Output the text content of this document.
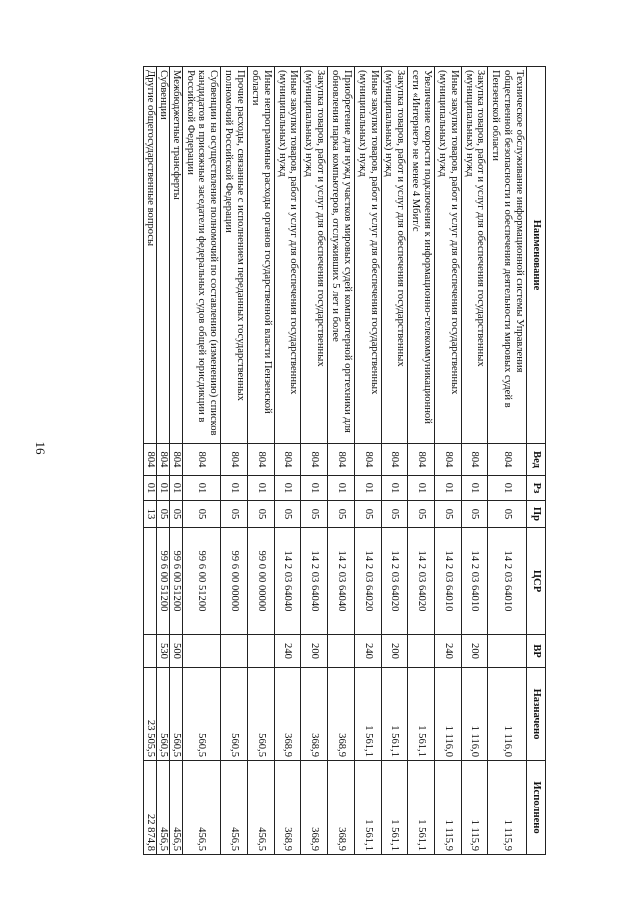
16
Наименование	Вед	Рз	Пр	ЦСР	ВР	Назначено	Исполнено
Техническое обслуживание информационной системы Управления общественной безопасности и обеспечения деятельности мировых судей в Пензенской области	804	01	05	14 2 03 64010		1 116,0	1 115,9
Закупка товаров, работ и услуг для обеспечения государственных (муниципальных) нужд	804	01	05	14 2 03 64010	200	1 116,0	1 115,9
Иные закупки товаров, работ и услуг для обеспечения государственных (муниципальных) нужд	804	01	05	14 2 03 64010	240	1 116,0	1 115,9
Увеличение скорости подключения к информационно-телекоммуникационной сети «Интернет» не менее 4 Мбит/с	804	01	05	14 2 03 64020		1 561,1	1 561,1
Закупка товаров, работ и услуг для обеспечения государственных (муниципальных) нужд	804	01	05	14 2 03 64020	200	1 561,1	1 561,1
Иные закупки товаров, работ и услуг для обеспечения государственных (муниципальных) нужд	804	01	05	14 2 03 64020	240	1 561,1	1 561,1
Приобретение для нужд участков мировых судей компьютерной оргтехники для обновления парка компьютеров, отслуживших 5 лет и более	804	01	05	14 2 03 64040		368,9	368,9
Закупка товаров, работ и услуг для обеспечения государственных (муниципальных) нужд	804	01	05	14 2 03 64040	200	368,9	368,9
Иные закупки товаров, работ и услуг для обеспечения государственных (муниципальных) нужд	804	01	05	14 2 03 64040	240	368,9	368,9
Иные непрограммные расходы органов государственной власти Пензенской области	804	01	05	99 0 00 00000		560,5	456,5
Прочие расходы, связанные с исполнением переданных государственных полномочий Российской Федерации	804	01	05	99 6 00 00000		560,5	456,5
Субвенции на осуществление полномочий по составлению (изменению) списков кандидатов в присяжные заседатели федеральных судов общей юрисдикции в Российской Федерации	804	01	05	99 6 00 51200		560,5	456,5
Межбюджетные трансферты	804	01	05	99 6 00 51200	500	560,5	456,5
Субвенции	804	01	05	99 6 00 51200	530	560,5	456,5
Другие общегосударственные вопросы	804	01	13			23 505,5	22 874,8
